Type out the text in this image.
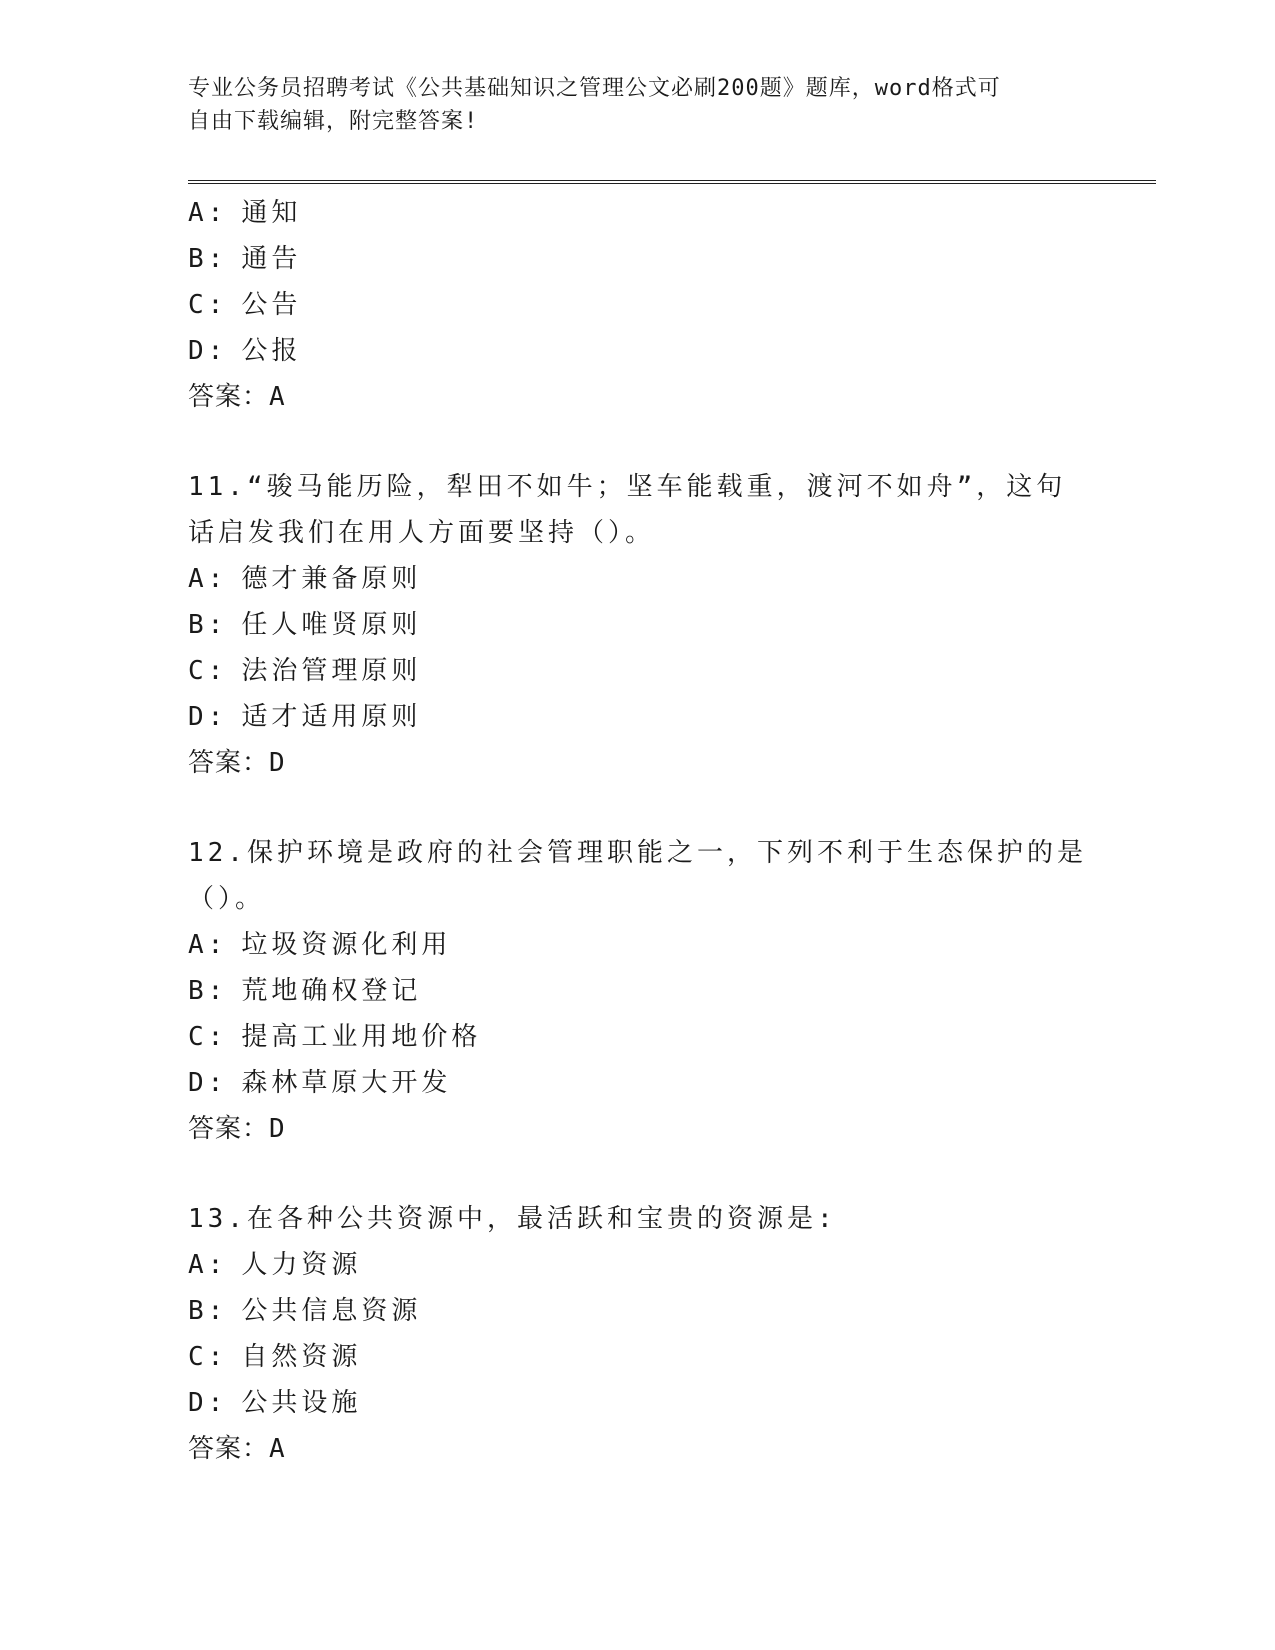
专业公务员招聘考试《公共基础知识之管理公文必刷200题》题库，word格式可
自由下载编辑，附完整答案!
A: 通知
B: 通告
C: 公告
D: 公报
答案：A
11.“骏马能历险，犁田不如牛；坚车能载重，渡河不如舟”，这句话启发我们在用人方面要坚持（）。
A: 德才兼备原则
B: 任人唯贤原则
C: 法治管理原则
D: 适才适用原则
答案：D
12.保护环境是政府的社会管理职能之一，下列不利于生态保护的是（）。
A: 垃圾资源化利用
B: 荒地确权登记
C: 提高工业用地价格
D: 森林草原大开发
答案：D
13.在各种公共资源中，最活跃和宝贵的资源是:
A: 人力资源
B: 公共信息资源
C: 自然资源
D: 公共设施
答案：A
